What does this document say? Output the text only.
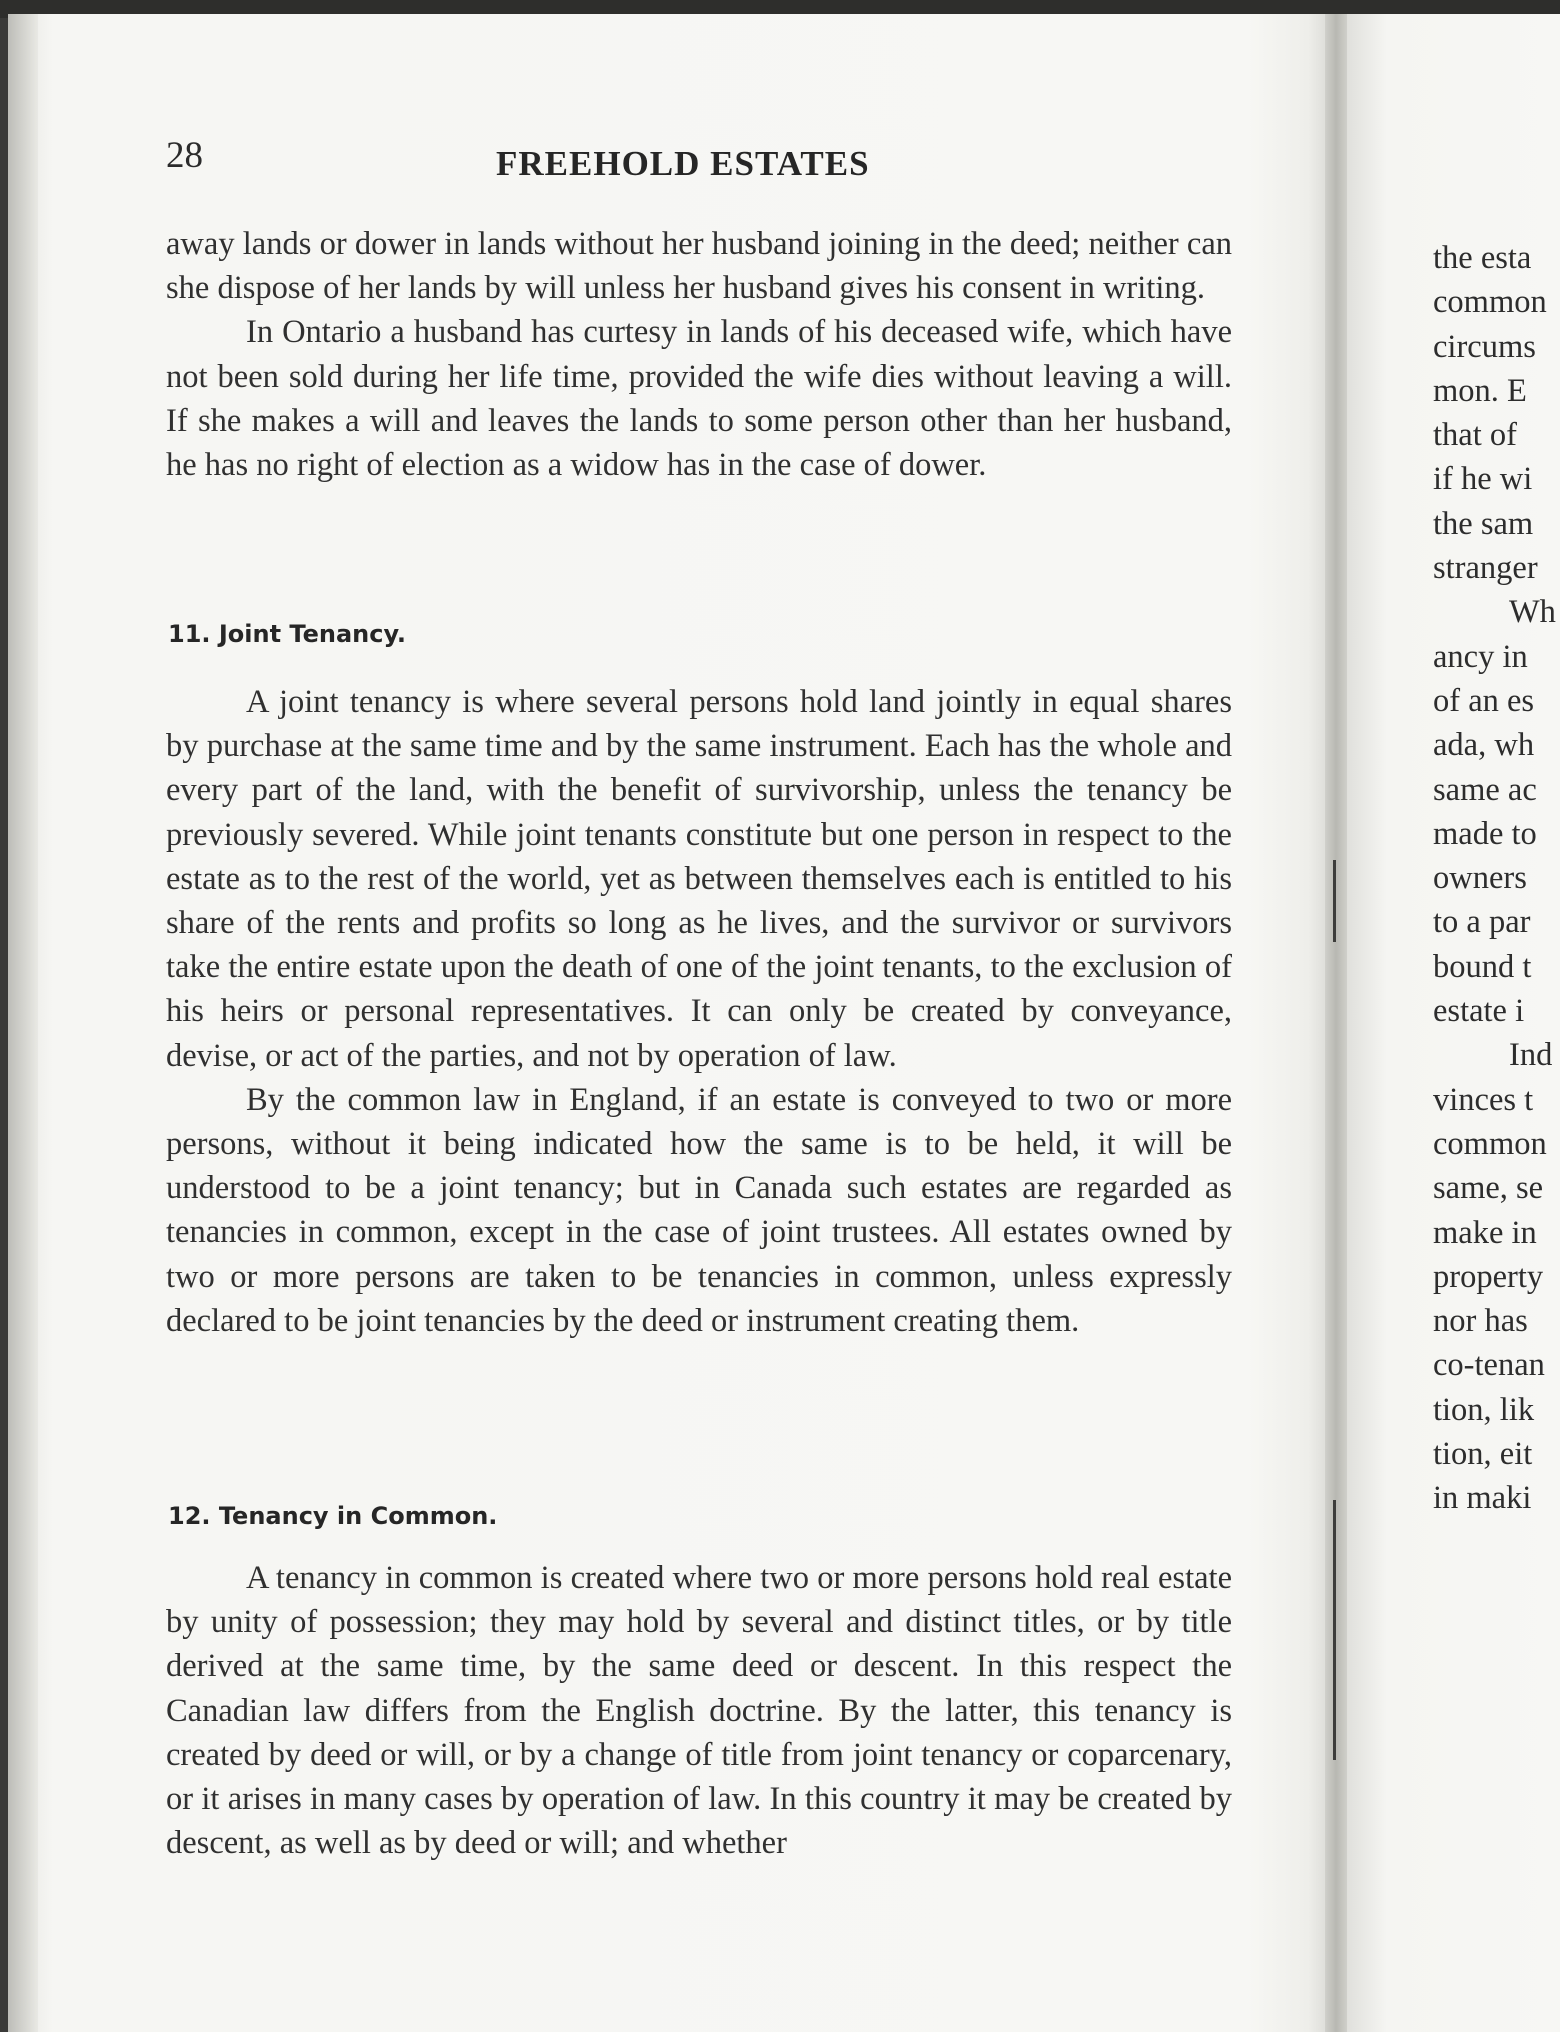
28	FREEHOLD ESTATES

away lands or dower in lands without her husband joining in the deed; neither can she dispose of her lands by will unless her husband gives his consent in writing.

In Ontario a husband has curtesy in lands of his deceased wife, which have not been sold during her life time, provided the wife dies without leaving a will. If she makes a will and leaves the lands to some person other than her husband, he has no right of election as a widow has in the case of dower.

11. Joint Tenancy.

A joint tenancy is where several persons hold land jointly in equal shares by purchase at the same time and by the same instrument. Each has the whole and every part of the land, with the benefit of survivorship, unless the tenancy be previously severed. While joint tenants constitute but one person in respect to the estate as to the rest of the world, yet as between themselves each is entitled to his share of the rents and profits so long as he lives, and the survivor or survivors take the entire estate upon the death of one of the joint tenants, to the exclusion of his heirs or personal representatives. It can only be created by conveyance, devise, or act of the parties, and not by operation of law.

By the common law in England, if an estate is conveyed to two or more persons, without it being indicated how the same is to be held, it will be understood to be a joint tenancy; but in Canada such estates are regarded as tenancies in common, except in the case of joint trustees. All estates owned by two or more persons are taken to be tenancies in common, unless expressly declared to be joint tenancies by the deed or instrument creating them.

12. Tenancy in Common.

A tenancy in common is created where two or more persons hold real estate by unity of possession; they may hold by several and distinct titles, or by title derived at the same time, by the same deed or descent. In this respect the Canadian law differs from the English doctrine. By the latter, this tenancy is created by deed or will, or by a change of title from joint tenancy or coparcenary, or it arises in many cases by operation of law. In this country it may be created by descent, as well as by deed or will; and whether

the esta
common
circums
mon. E
that of
if he wi
the sam
stranger
Wh
ancy in
of an es
ada, wh
same ac
made to
owners
to a par
bound t
estate i
Ind
vinces t
common
same, se
make in
property
nor has
co-tenan
tion, lik
tion, eit
in maki
